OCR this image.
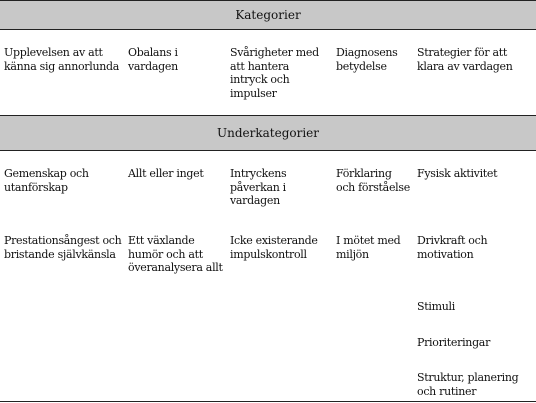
Kategorier
Upplevelsen av att känna sig annorlunda
Obalans i vardagen
Svårigheter med att hantera intryck och impulser
Diagnosens betydelse
Strategier för att klara av vardagen
Underkategorier
Gemenskap och utanförskap
Allt eller inget	Intryckens påverkan i vardagen
Förklaring och förståelse
Fysisk aktivitet
Prestationsångest och bristande självkänsla
Ett växlande humör och att överanalysera allt
Icke existerande impulskontroll
I mötet med miljön
Drivkraft och motivation
Stimuli
Prioriteringar
Struktur, planering och rutiner
